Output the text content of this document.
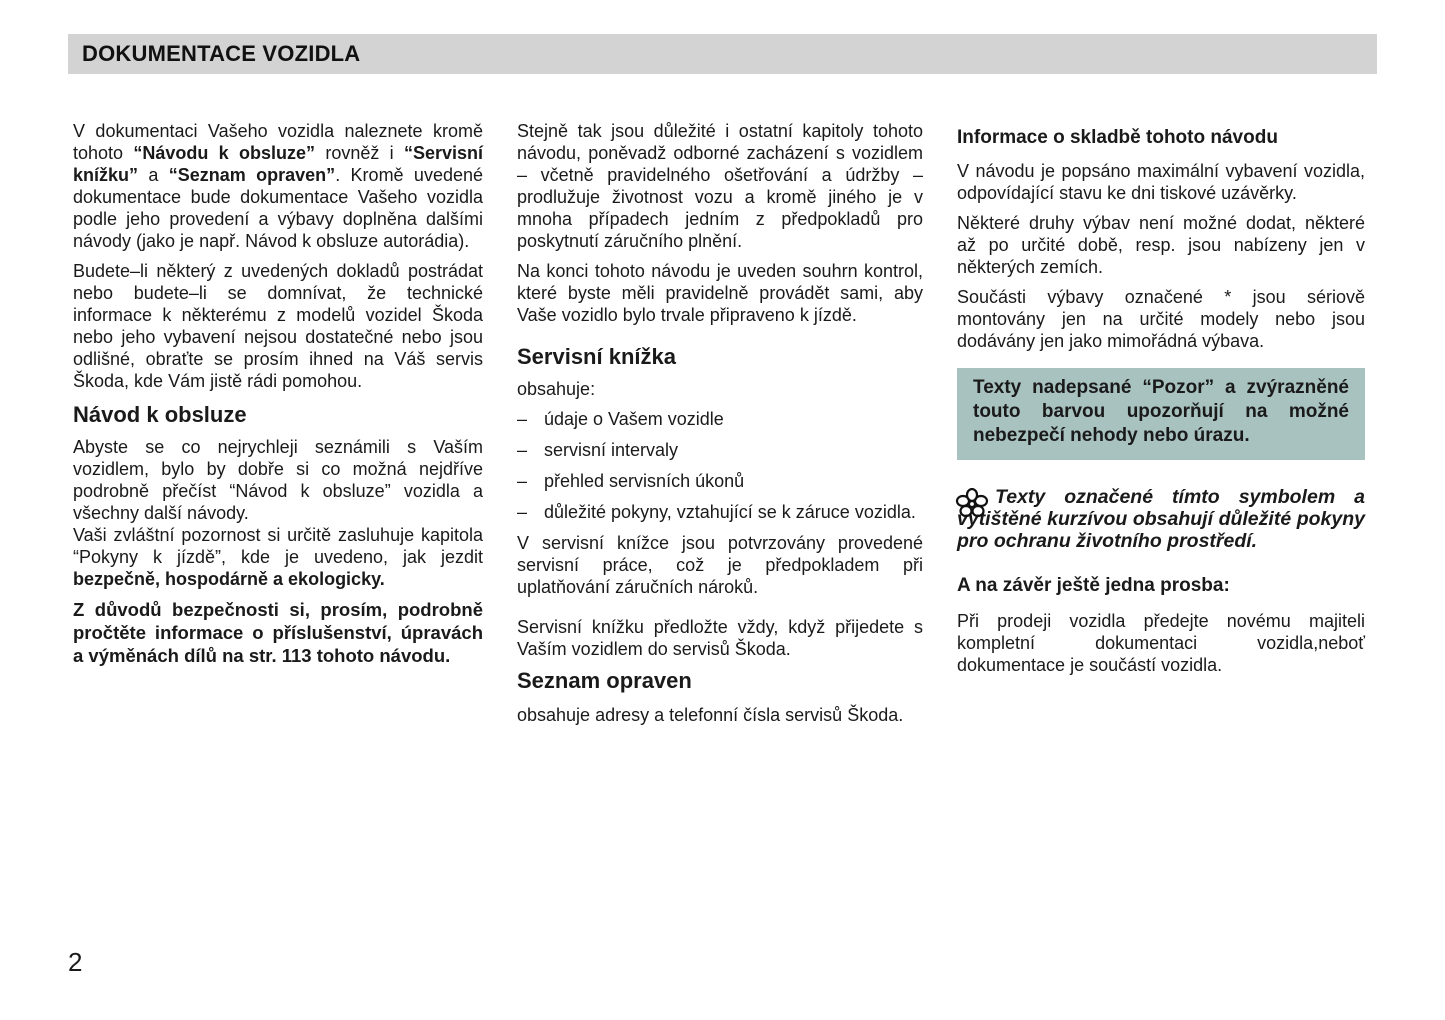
DOKUMENTACE VOZIDLA

V dokumentaci Vašeho vozidla naleznete kromě tohoto “Návodu k obsluze” rovněž i “Servisní knížku” a “Seznam opraven”. Kromě uvedené dokumentace bude dokumentace Vašeho vozidla podle jeho provedení a výbavy doplněna dalšími návody (jako je např. Návod k obsluze autorádia).

Budete–li některý z uvedených dokladů postrádat nebo budete–li se domnívat, že technické informace k některému z modelů vozidel Škoda nebo jeho vybavení nejsou dostatečné nebo jsou odlišné, obraťte se prosím ihned na Váš servis Škoda, kde Vám jistě rádi pomohou.

Návod k obsluze

Abyste se co nejrychleji seznámili s Vaším vozidlem, bylo by dobře si co možná nejdříve podrobně přečíst “Návod k obsluze” vozidla a všechny další návody.

Vaši zvláštní pozornost si určitě zasluhuje kapitola “Pokyny k jízdě”, kde je uvedeno, jak jezdit bezpečně, hospodárně a ekologicky.

Z důvodů bezpečnosti si, prosím, podrobně pročtěte informace o příslušenství, úpravách a výměnách dílů na str. 113 tohoto návodu.

Stejně tak jsou důležité i ostatní kapitoly tohoto návodu, poněvadž odborné zacházení s vozidlem – včetně pravidelného ošetřování a údržby – prodlužuje životnost vozu a kromě jiného je v mnoha případech jedním z předpokladů pro poskytnutí záručního plnění.

Na konci tohoto návodu je uveden souhrn kontrol, které byste měli pravidelně provádět sami, aby Vaše vozidlo bylo trvale připraveno k jízdě.

Servisní knížka

obsahuje:

– údaje o Vašem vozidle
– servisní intervaly
– přehled servisních úkonů
– důležité pokyny, vztahující se k záruce vozidla.

V servisní knížce jsou potvrzovány provedené servisní práce, což je předpokladem při uplatňování záručních nároků.

Servisní knížku předložte vždy, když přijedete s Vaším vozidlem do servisů Škoda.

Seznam opraven

obsahuje adresy a telefonní čísla servisů Škoda.

Informace o skladbě tohoto návodu

V návodu je popsáno maximální vybavení vozidla, odpovídající stavu ke dni tiskové uzávěrky.

Některé druhy výbav není možné dodat, některé až po určité době, resp. jsou nabízeny jen v některých zemích.

Součásti výbavy označené * jsou sériově montovány jen na určité modely nebo jsou dodávány jen jako mimořádná výbava.

Texty nadepsané “Pozor” a zvýrazněné touto barvou upozorňují na možné nebezpečí nehody nebo úrazu.

Texty označené tímto symbolem a vytištěné kurzívou obsahují důležité pokyny pro ochranu životního prostředí.

A na závěr ještě jedna prosba:

Při prodeji vozidla předejte novému majiteli kompletní dokumentaci vozidla,neboť dokumentace je součástí vozidla.

2
